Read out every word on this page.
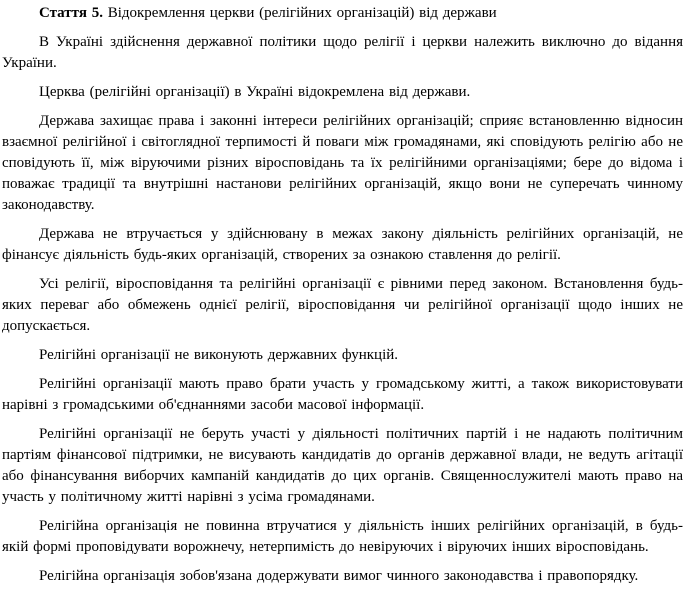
Стаття 5. Відокремлення церкви (релігійних організацій) від держави

В Україні здійснення державної політики щодо релігії і церкви належить виключно до відання України.

Церква (релігійні організації) в Україні відокремлена від держави.

Держава захищає права і законні інтереси релігійних організацій; сприяє встановленню відносин взаємної релігійної і світоглядної терпимості й поваги між громадянами, які сповідують релігію або не сповідують її, між віруючими різних віросповідань та їх релігійними організаціями; бере до відома і поважає традиції та внутрішні настанови релігійних організацій, якщо вони не суперечать чинному законодавству.

Держава не втручається у здійснювану в межах закону діяльність релігійних організацій, не фінансує діяльність будь-яких організацій, створених за ознакою ставлення до релігії.

Усі релігії, віросповідання та релігійні організації є рівними перед законом. Встановлення будь-яких переваг або обмежень однієї релігії, віросповідання чи релігійної організації щодо інших не допускається.

Релігійні організації не виконують державних функцій.

Релігійні організації мають право брати участь у громадському житті, а також використовувати нарівні з громадськими об'єднаннями засоби масової інформації.

Релігійні організації не беруть участі у діяльності політичних партій і не надають політичним партіям фінансової підтримки, не висувають кандидатів до органів державної влади, не ведуть агітації або фінансування виборчих кампаній кандидатів до цих органів. Священнослужителі мають право на участь у політичному житті нарівні з усіма громадянами.

Релігійна організація не повинна втручатися у діяльність інших релігійних організацій, в будь-якій формі проповідувати ворожнечу, нетерпимість до невіруючих і віруючих інших віросповідань.

Релігійна організація зобов'язана додержувати вимог чинного законодавства і правопорядку.
